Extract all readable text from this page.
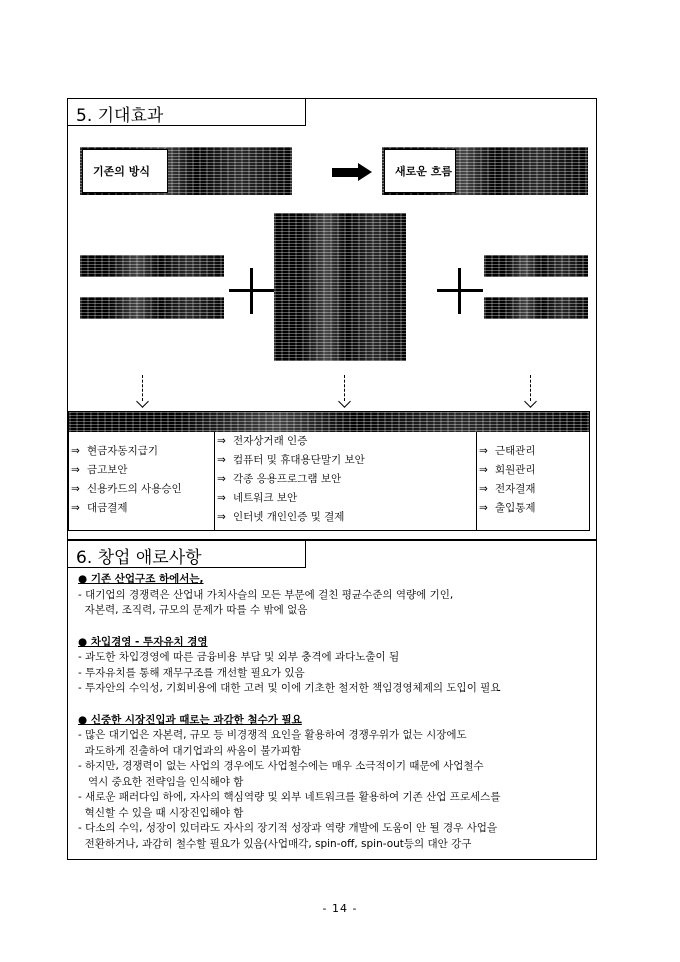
5. 기대효과
기존의 방식	새로운 흐름
⇒ 현금자동지급기
⇒ 금고보안
⇒ 신용카드의 사용승인
⇒ 대금결제
⇒ 전자상거래 인증
⇒ 컴퓨터 및 휴대용단말기 보안
⇒ 각종 응용프로그램 보안
⇒ 네트워크 보안
⇒ 인터넷 개인인증 및 결제
⇒ 근태관리
⇒ 회원관리
⇒ 전자결재
⇒ 출입통제
6. 창업 애로사항
● 기존 산업구조 하에서는,
- 대기업의 경쟁력은 산업내 가치사슬의 모든 부문에 걸친 평균수준의 역량에 기인,
자본력, 조직력, 규모의 문제가 따를 수 밖에 없음
● 차입경영 - 투자유치 경영
- 과도한 차입경영에 따른 금융비용 부담 및 외부 충격에 과다노출이 됨
- 투자유치를 통해 재무구조를 개선할 필요가 있음
- 투자안의 수익성, 기회비용에 대한 고려 및 이에 기초한 철저한 책임경영체제의 도입이 필요
● 신중한 시장진입과 때로는 과감한 철수가 필요
- 많은 대기업은 자본력, 규모 등 비경쟁적 요인을 활용하여 경쟁우위가 없는 시장에도
과도하게 진출하여 대기업과의 싸움이 불가피함
- 하지만, 경쟁력이 없는 사업의 경우에도 사업철수에는 매우 소극적이기 때문에 사업철수
역시 중요한 전략임을 인식해야 함
- 새로운 패러다임 하에, 자사의 핵심역량 및 외부 네트워크를 활용하여 기존 산업 프로세스를
혁신할 수 있을 때 시장진입해야 함
- 다소의 수익, 성장이 있더라도 자사의 장기적 성장과 역량 개발에 도움이 안 될 경우 사업을
전환하거나, 과감히 철수할 필요가 있음(사업매각, spin-off, spin-out등의 대안 강구
- 14 -
